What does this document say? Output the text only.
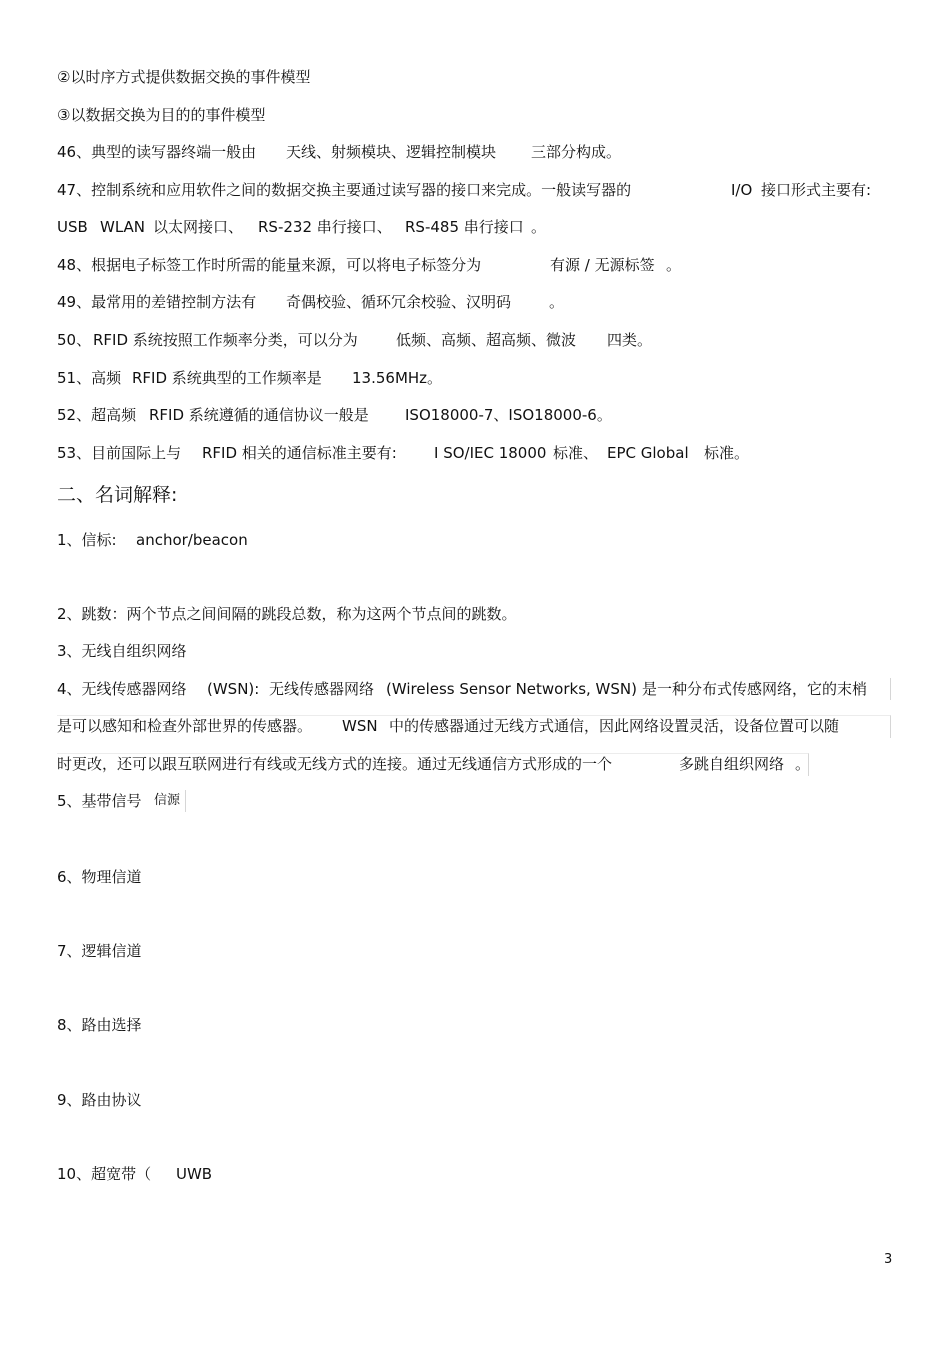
②以时序方式提供数据交换的事件模型
③以数据交换为目的的事件模型
46、典型的读写器终端一般由 天线、射频模块、逻辑控制模块 三部分构成。
47、控制系统和应用软件之间的数据交换主要通过读写器的接口来完成。一般读写器的	I/O 接口形式主要有:
USB WLAN 以太网接口、 RS-232 串行接口、 RS-485 串行接口 。
48、根据电子标签工作时所需的能量来源，可以将电子标签分为	有源 / 无源标签 。
49、最常用的差错控制方法有 奇偶校验、循环冗余校验、汉明码	。
50、 RFID 系统按照工作频率分类，可以分为	低频、高频、超高频、微波 四类。
51、高频 RFID 系统典型的工作频率是 13.56MHz。
52、超高频 RFID 系统遵循的通信协议一般是 ISO18000-7、ISO18000-6。
53、目前国际上与 RFID 相关的通信标准主要有: I SO/IEC 18000 标准、 EPC Global 标准。
二、名词解释:
1、信标: anchor/beacon
2、跳数：两个节点之间间隔的跳段总数，称为这两个节点间的跳数。
3、无线自组织网络
4、无线传感器网络 (WSN): 无线传感器网络 (Wireless Sensor Networks, WSN) 是一种分布式传感网络，它的末梢
是可以感知和检查外部世界的传感器。 WSN 中的传感器通过无线方式通信，因此网络设置灵活，设备位置可以随
时更改，还可以跟互联网进行有线或无线方式的连接。通过无线通信方式形成的一个	多跳自组织网络 。
5、基带信号 信源
6、物理信道
7、逻辑信道
8、路由选择
9、路由协议
10、超宽带（ UWB
3
